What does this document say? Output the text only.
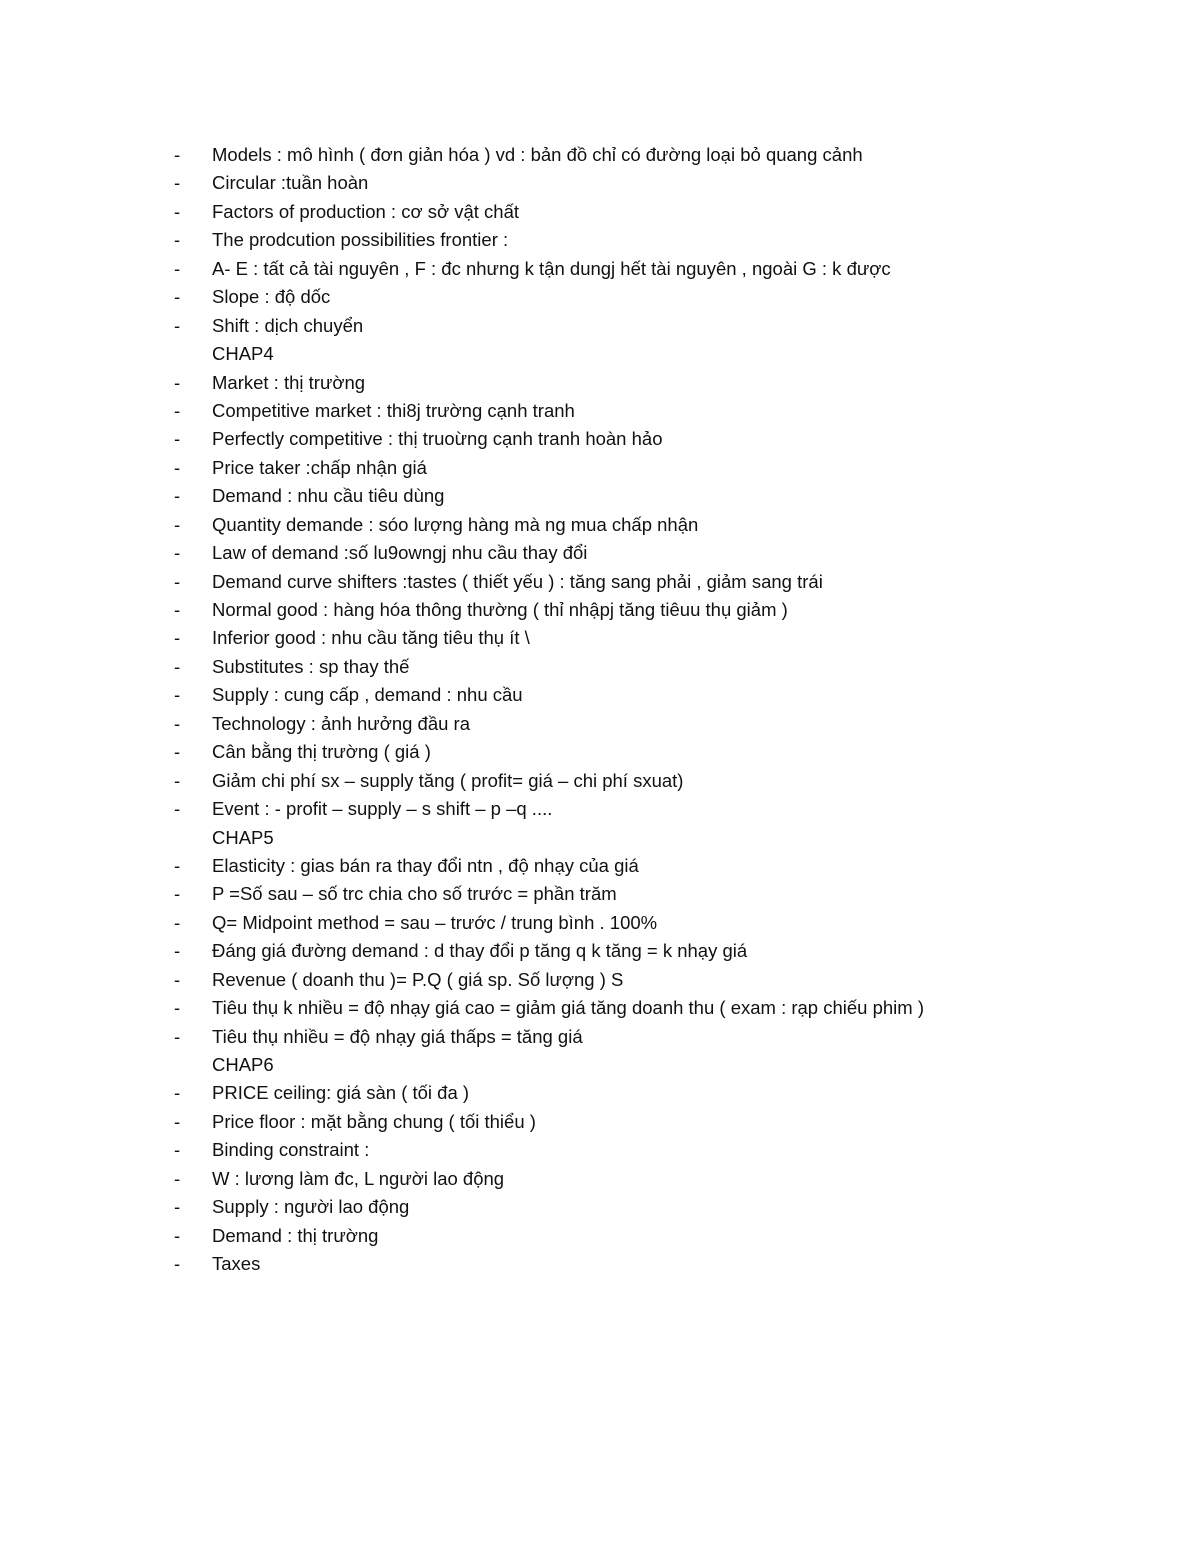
-	Models : mô hình ( đơn giản hóa ) vd : bản đồ chỉ có đường loại bỏ quang cảnh
-	Circular :tuần hoàn
-	Factors of production : cơ sở vật chất
-	The prodcution possibilities frontier :
-	A- E : tất cả tài nguyên , F : đc nhưng k tận dungj hết tài nguyên , ngoài G : k được
-	Slope : độ dốc
-	Shift : dịch chuyển
CHAP4
-	Market : thị trường
-	Competitive market : thi8j trường cạnh tranh
-	Perfectly competitive : thị truoừng cạnh tranh hoàn hảo
-	Price taker :chấp nhận giá
-	Demand : nhu cầu tiêu dùng
-	Quantity demande : sóo lượng hàng mà ng mua chấp nhận
-	Law of demand :số lu9owngj nhu cầu thay đổi
-	Demand curve shifters :tastes ( thiết yếu ) : tăng sang phải , giảm sang trái
-	Normal good : hàng hóa thông thường ( thỉ nhậpj tăng tiêuu thụ giảm )
-	Inferior good : nhu cầu tăng tiêu thụ ít \
-	Substitutes : sp thay thế
-	Supply : cung cấp , demand : nhu cầu
-	Technology : ảnh hưởng đầu ra
-	Cân bằng thị trường ( giá )
-	Giảm chi phí sx – supply tăng ( profit= giá – chi phí sxuat)
-	Event : - profit – supply – s shift – p –q ....
CHAP5
-	Elasticity : gias bán ra thay đổi ntn , độ nhạy của giá
-	P =Số sau – số trc chia cho số trước = phần trăm
-	Q= Midpoint method = sau – trước / trung bình . 100%
-	Đáng giá đường demand : d thay đổi p tăng q k tăng = k nhạy giá
-	Revenue ( doanh thu )= P.Q ( giá sp. Số lượng ) S
-	Tiêu thụ k nhiều = độ nhạy giá cao = giảm giá tăng doanh thu ( exam : rạp chiếu phim )
-	Tiêu thụ nhiều = độ nhạy giá thấps = tăng giá
CHAP6
-	PRICE ceiling: giá sàn ( tối đa )
-	Price floor : mặt bằng chung ( tối thiểu )
-	Binding constraint :
-	W : lương làm đc, L người lao động
-	Supply : người lao động
-	Demand : thị trường
-	Taxes
